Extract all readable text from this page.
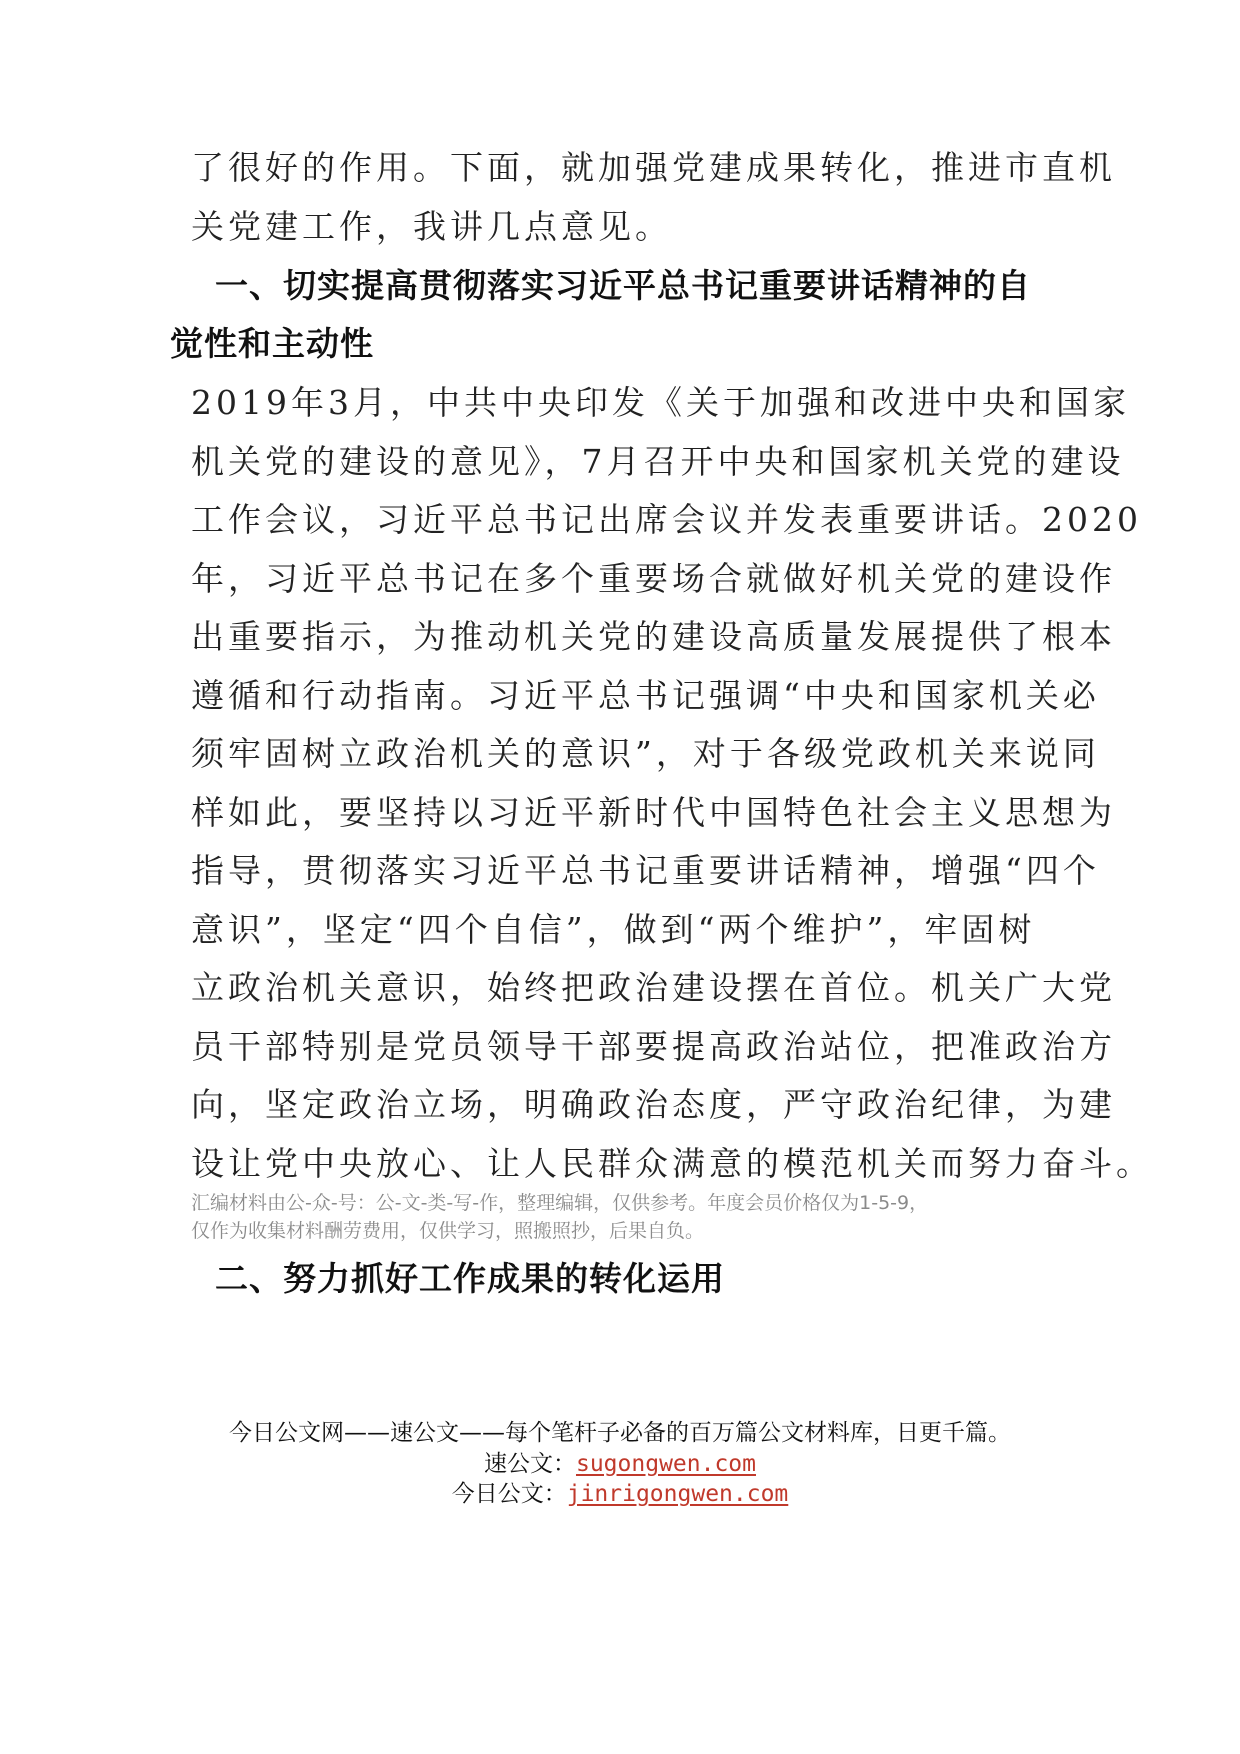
了很好的作用。下面，就加强党建成果转化，推进市直机
关党建工作，我讲几点意见。
一、切实提高贯彻落实习近平总书记重要讲话精神的自
觉性和主动性
2019年3月，中共中央印发《关于加强和改进中央和国家
机关党的建设的意见》，7月召开中央和国家机关党的建设
工作会议，习近平总书记出席会议并发表重要讲话。2020
年，习近平总书记在多个重要场合就做好机关党的建设作
出重要指示，为推动机关党的建设高质量发展提供了根本
遵循和行动指南。习近平总书记强调“中央和国家机关必
须牢固树立政治机关的意识”，对于各级党政机关来说同
样如此，要坚持以习近平新时代中国特色社会主义思想为
指导，贯彻落实习近平总书记重要讲话精神，增强“四个
意识”，坚定“四个自信”，做到“两个维护”，牢固树
立政治机关意识，始终把政治建设摆在首位。机关广大党
员干部特别是党员领导干部要提高政治站位，把准政治方
向，坚定政治立场，明确政治态度，严守政治纪律，为建
设让党中央放心、让人民群众满意的模范机关而努力奋斗。
汇编材料由公-众-号：公-文-类-写-作，整理编辑，仅供参考。年度会员价格仅为1-5-9，
仅作为收集材料酬劳费用，仅供学习，照搬照抄，后果自负。
二、努力抓好工作成果的转化运用
今日公文网——速公文——每个笔杆子必备的百万篇公文材料库，日更千篇。
速公文：sugongwen.com
今日公文：jinrigongwen.com
